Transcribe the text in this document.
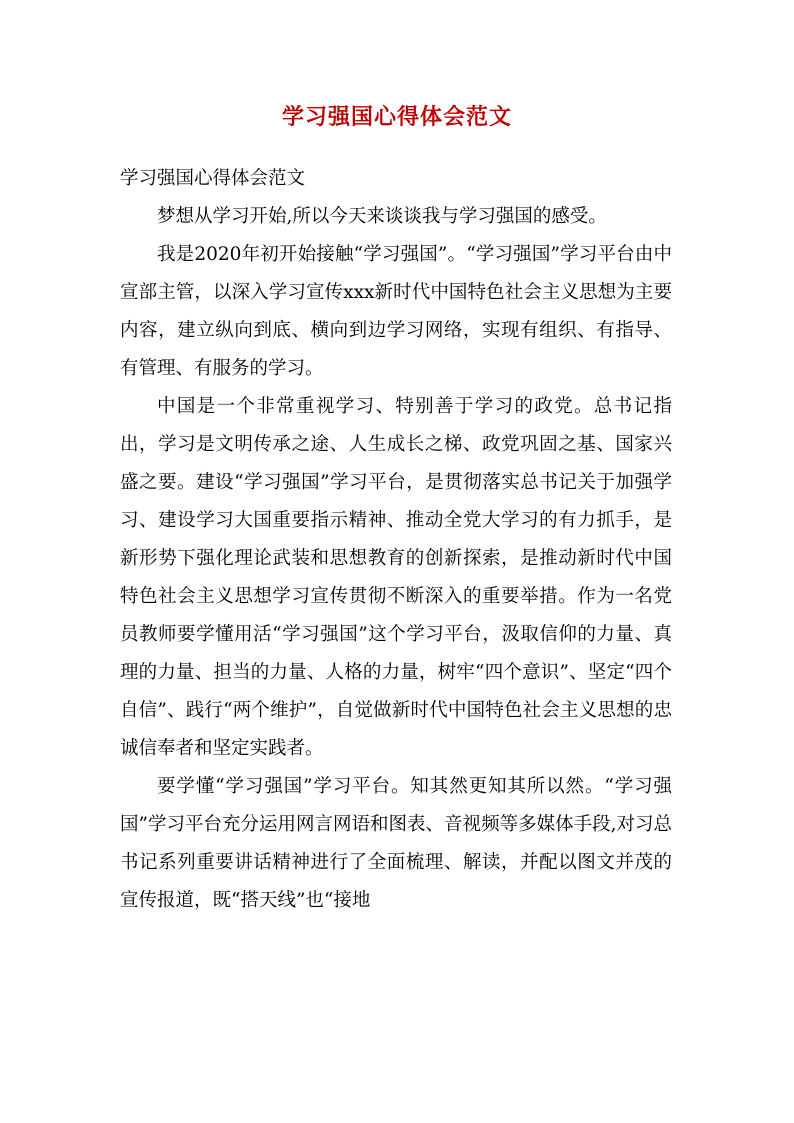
学习强国心得体会范文

学习强国心得体会范文

梦想从学习开始,所以今天来谈谈我与学习强国的感受。

我是2020年初开始接触“学习强国”。“学习强国”学习平台由中宣部主管，以深入学习宣传xxx新时代中国特色社会主义思想为主要内容，建立纵向到底、横向到边学习网络，实现有组织、有指导、有管理、有服务的学习。

中国是一个非常重视学习、特别善于学习的政党。总书记指出，学习是文明传承之途、人生成长之梯、政党巩固之基、国家兴盛之要。建设“学习强国”学习平台，是贯彻落实总书记关于加强学习、建设学习大国重要指示精神、推动全党大学习的有力抓手，是新形势下强化理论武装和思想教育的创新探索，是推动新时代中国特色社会主义思想学习宣传贯彻不断深入的重要举措。作为一名党员教师要学懂用活“学习强国”这个学习平台，汲取信仰的力量、真理的力量、担当的力量、人格的力量，树牢“四个意识”、坚定“四个自信”、践行“两个维护”，自觉做新时代中国特色社会主义思想的忠诚信奉者和坚定实践者。

要学懂“学习强国”学习平台。知其然更知其所以然。“学习强国”学习平台充分运用网言网语和图表、音视频等多媒体手段,对习总书记系列重要讲话精神进行了全面梳理、解读，并配以图文并茂的宣传报道，既“搭天线”也“接地
